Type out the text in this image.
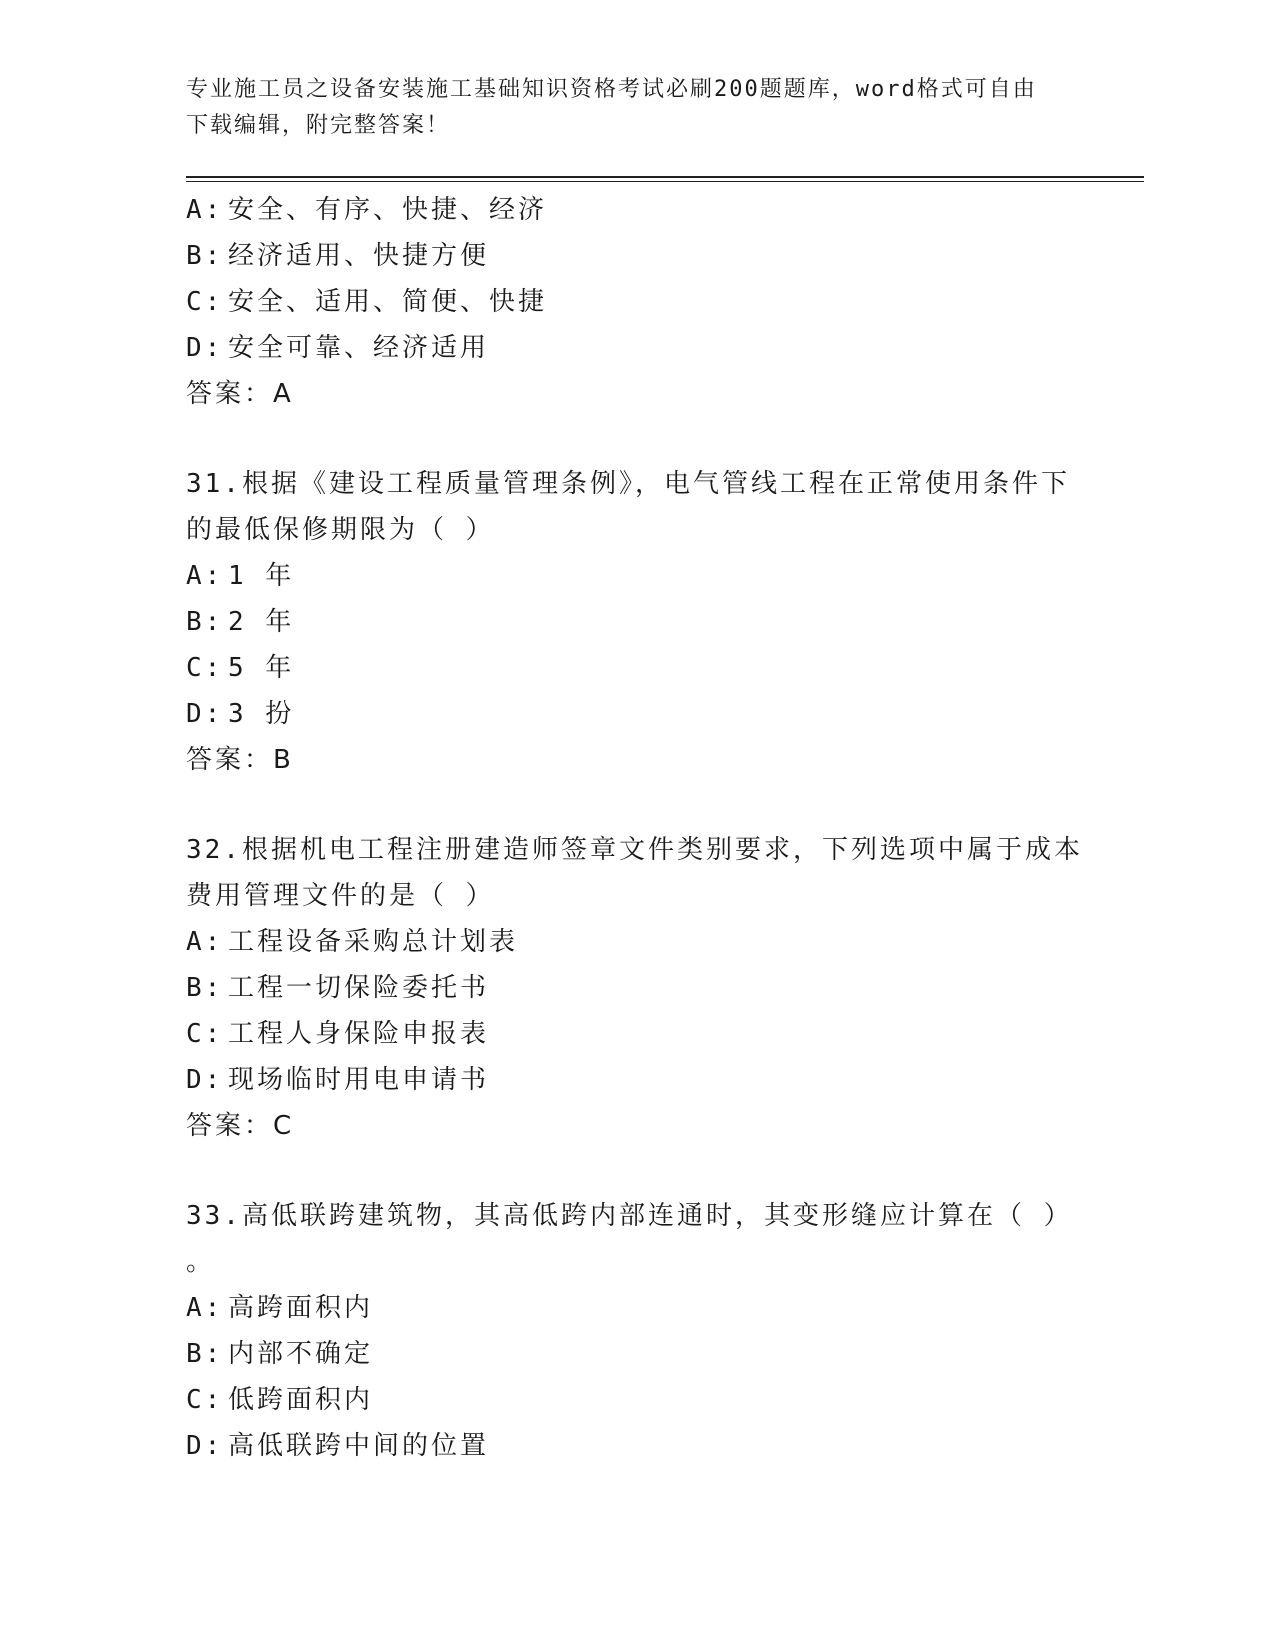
专业施工员之设备安装施工基础知识资格考试必刷200题题库，word格式可自由
下载编辑，附完整答案！
A: 安全、有序、快捷、经济
B: 经济适用、快捷方便
C: 安全、适用、简便、快捷
D: 安全可靠、经济适用
答案：A
31.根据《建设工程质量管理条例》，电气管线工程在正常使用条件下
的最低保修期限为（ ）
A: 1 年
B: 2 年
C: 5 年
D: 3 扮
答案：B
32.根据机电工程注册建造师签章文件类别要求，下列选项中属于成本
费用管理文件的是（ ）
A: 工程设备采购总计划表
B: 工程一切保险委托书
C: 工程人身保险申报表
D: 现场临时用电申请书
答案：C
33.高低联跨建筑物，其高低跨内部连通时，其变形缝应计算在（ ）
。
A: 高跨面积内
B: 内部不确定
C: 低跨面积内
D: 高低联跨中间的位置
